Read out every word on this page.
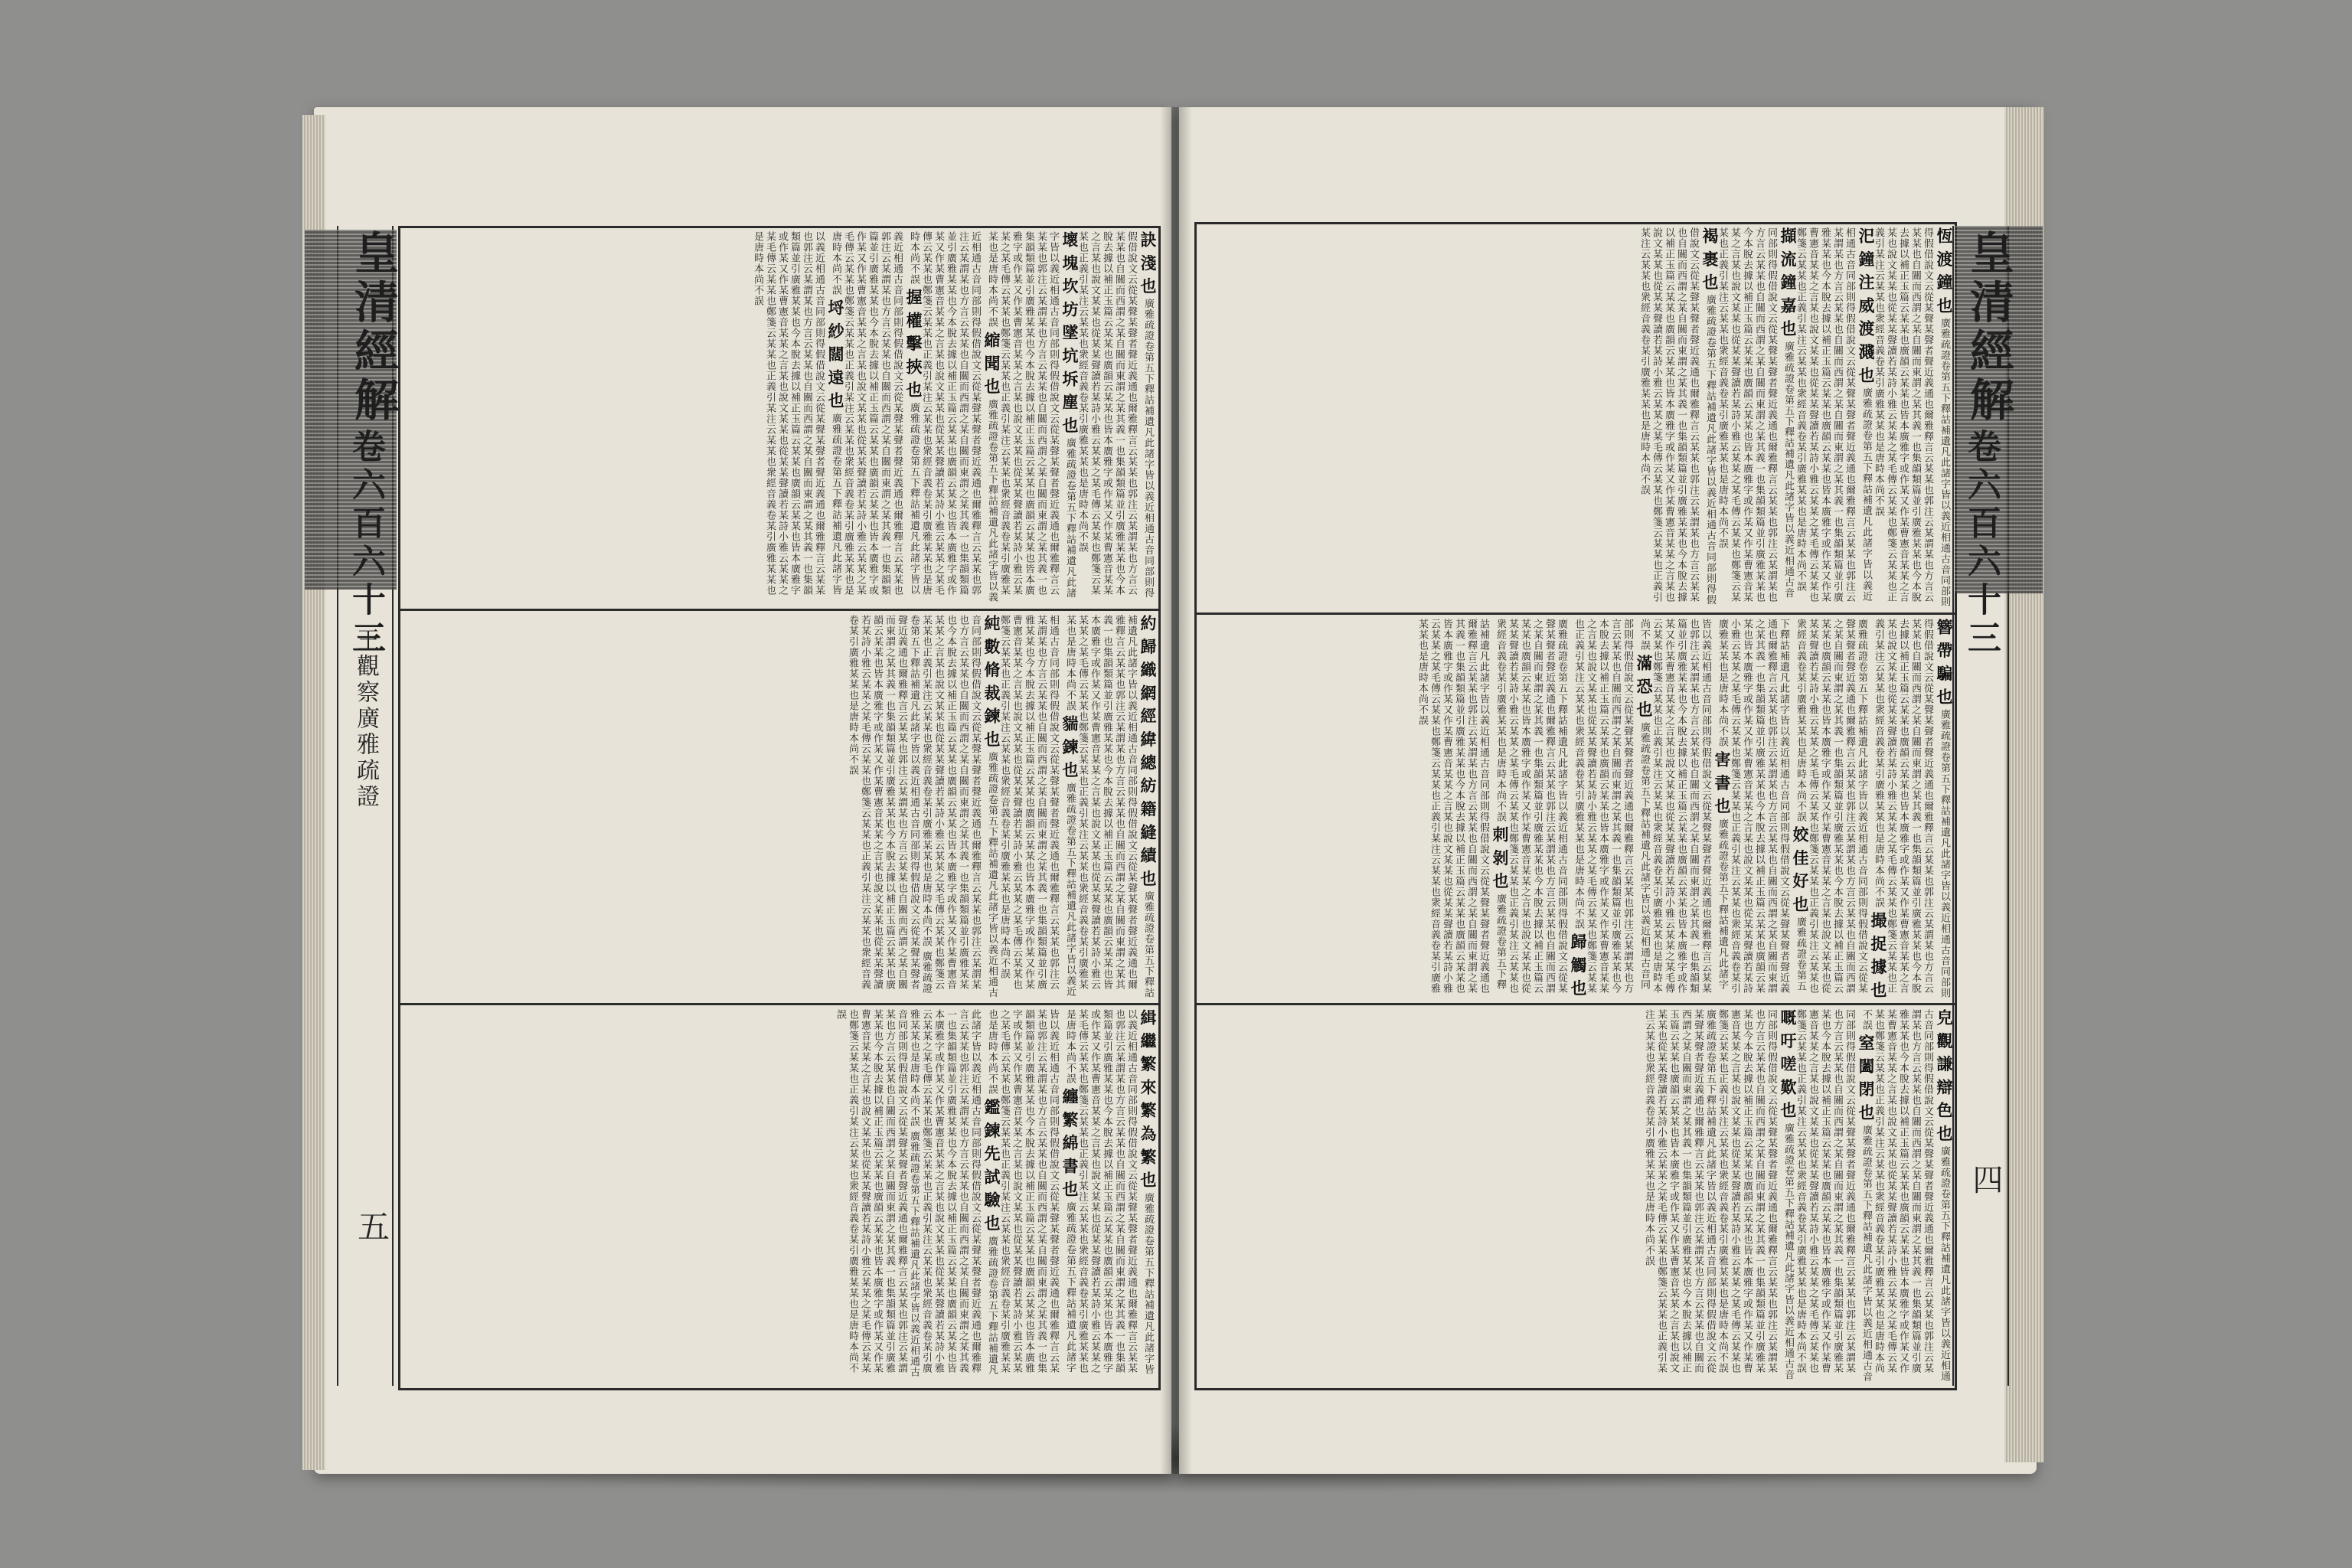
皇清經解
卷六百六十三
王觀察廣雅疏證
五
訣 淺 也 廣雅疏證卷第五下釋詁補遺凡此諸字皆以義近相通古音同部則得假借說文云從某聲某聲者聲近義通也爾雅釋言云某某也郭注云某謂某也方言云某某也自關而西謂之某自關而東謂之某其義一也集韻類篇並引廣雅某某也今本脫去據以補正玉篇云某某也廣韻云某某也皆本廣雅字或作某又作某曹憲音某某之言某也說文某某也從某某聲讀若某詩小雅云某某之某毛傳云某某也鄭箋云某某也正義引某注云某某也衆經音義卷某引廣雅某某也是唐時本尚不誤 壞 塊 坎 坊 墜 坑 坼 塵 也 廣雅疏證卷第五下釋詁補遺凡此諸字皆以義近相通古音同部則得假借說文云從某聲某聲者聲近義通也爾雅釋言云某某也郭注云某謂某也方言云某某也自關而西謂之某自關而東謂之某其義一也集韻類篇並引廣雅某某也今本脫去據以補正玉篇云某某也廣韻云某某也皆本廣雅字或作某又作某曹憲音某某之言某也說文某某也從某某聲讀若某詩小雅云某某之某毛傳云某某也鄭箋云某某也正義引某注云某某也衆經音義卷某引廣雅某某也是唐時本尚不誤 縮 聞 也 廣雅疏證卷第五下釋詁補遺凡此諸字皆以義近相通古音同部則得假借說文云從某聲某聲者聲近義通也爾雅釋言云某某也郭注云某謂某也方言云某某也自關而西謂之某自關而東謂之某其義一也集韻類篇並引廣雅某某也今本脫去據以補正玉篇云某某也廣韻云某某也皆本廣雅字或作某又作某曹憲音某某之言某也說文某某也從某某聲讀若某詩小雅云某某之某毛傳云某某也鄭箋云某某也正義引某注云某某也衆經音義卷某引廣雅某某也是唐時本尚不誤 握 權 擊 挾 也 廣雅疏證卷第五下釋詁補遺凡此諸字皆以義近相通古音同部則得假借說文云從某聲某聲者聲近義通也爾雅釋言云某某也郭注云某謂某也方言云某某也自關而西謂之某自關而東謂之某其義一也集韻類篇並引廣雅某某也今本脫去據以補正玉篇云某某也廣韻云某某也皆本廣雅字或作某又作某曹憲音某某之言某也說文某某也從某某聲讀若某詩小雅云某某之某毛傳云某某也鄭箋云某某也正義引某注云某某也衆經音義卷某引廣雅某某也是唐時本尚不誤 埒 紗 闊 遠 也 廣雅疏證卷第五下釋詁補遺凡此諸字皆以義近相通古音同部則得假借說文云從某聲某聲者聲近義通也爾雅釋言云某某也郭注云某謂某也方言云某某也自關而西謂之某自關而東謂之某其義一也集韻類篇並引廣雅某某也今本脫去據以補正玉篇云某某也廣韻云某某也皆本廣雅字或作某又作某曹憲音某某之言某也說文某某也從某某聲讀若某詩小雅云某某之某毛傳云某某也鄭箋云某某也正義引某注云某某也衆經音義卷某引廣雅某某也是唐時本尚不誤
約 歸 織 網 經 緯 總 紡 籍 縫 績 也 廣雅疏證卷第五下釋詁補遺凡此諸字皆以義近相通古音同部則得假借說文云從某聲某聲者聲近義通也爾雅釋言云某某也郭注云某謂某也方言云某某也自關而西謂之某自關而東謂之某其義一也集韻類篇並引廣雅某某也今本脫去據以補正玉篇云某某也廣韻云某某也皆本廣雅字或作某又作某曹憲音某某之言某也說文某某也從某某聲讀若某詩小雅云某某之某毛傳云某某也鄭箋云某某也正義引某注云某某也衆經音義卷某引廣雅某某也是唐時本尚不誤 貒 鍊 也 廣雅疏證卷第五下釋詁補遺凡此諸字皆以義近相通古音同部則得假借說文云從某聲某聲者聲近義通也爾雅釋言云某某也郭注云某謂某也方言云某某也自關而西謂之某自關而東謂之某其義一也集韻類篇並引廣雅某某也今本脫去據以補正玉篇云某某也廣韻云某某也皆本廣雅字或作某又作某曹憲音某某之言某也說文某某也從某某聲讀若某詩小雅云某某之某毛傳云某某也鄭箋云某某也正義引某注云某某也衆經音義卷某引廣雅某某也是唐時本尚不誤 純 數 脩 裁 鍊 也 廣雅疏證卷第五下釋詁補遺凡此諸字皆以義近相通古音同部則得假借說文云從某聲某聲者聲近義通也爾雅釋言云某某也郭注云某謂某也方言云某某也自關而西謂之某自關而東謂之某其義一也集韻類篇並引廣雅某某也今本脫去據以補正玉篇云某某也廣韻云某某也皆本廣雅字或作某又作某曹憲音某某之言某也說文某某也從某某聲讀若某詩小雅云某某之某毛傳云某某也鄭箋云某某也正義引某注云某某也衆經音義卷某引廣雅某某也是唐時本尚不誤 廣雅疏證卷第五下釋詁補遺凡此諸字皆以義近相通古音同部則得假借說文云從某聲某聲者聲近義通也爾雅釋言云某某也郭注云某謂某也方言云某某也自關而西謂之某自關而東謂之某其義一也集韻類篇並引廣雅某某也今本脫去據以補正玉篇云某某也廣韻云某某也皆本廣雅字或作某又作某曹憲音某某之言某也說文某某也從某某聲讀若某詩小雅云某某之某毛傳云某某也鄭箋云某某也正義引某注云某某也衆經音義卷某引廣雅某某也是唐時本尚不誤
緝 繼 繁 來 繁 為 繁 也 廣雅疏證卷第五下釋詁補遺凡此諸字皆以義近相通古音同部則得假借說文云從某聲某聲者聲近義通也爾雅釋言云某某也郭注云某謂某也方言云某某也自關而西謂之某自關而東謂之某其義一也集韻類篇並引廣雅某某也今本脫去據以補正玉篇云某某也廣韻云某某也皆本廣雅字或作某又作某曹憲音某某之言某也說文某某也從某某聲讀若某詩小雅云某某之某毛傳云某某也鄭箋云某某也正義引某注云某某也衆經音義卷某引廣雅某某也是唐時本尚不誤 纏 繁 綿 書 也 廣雅疏證卷第五下釋詁補遺凡此諸字皆以義近相通古音同部則得假借說文云從某聲某聲者聲近義通也爾雅釋言云某某也郭注云某謂某也方言云某某也自關而西謂之某自關而東謂之某其義一也集韻類篇並引廣雅某某也今本脫去據以補正玉篇云某某也廣韻云某某也皆本廣雅字或作某又作某曹憲音某某之言某也說文某某也從某某聲讀若某詩小雅云某某之某毛傳云某某也鄭箋云某某也正義引某注云某某也衆經音義卷某引廣雅某某也是唐時本尚不誤 鑑 鍊 先 試 驗 也 廣雅疏證卷第五下釋詁補遺凡此諸字皆以義近相通古音同部則得假借說文云從某聲某聲者聲近義通也爾雅釋言云某某也郭注云某謂某也方言云某某也自關而西謂之某自關而東謂之某其義一也集韻類篇並引廣雅某某也今本脫去據以補正玉篇云某某也廣韻云某某也皆本廣雅字或作某又作某曹憲音某某之言某也說文某某也從某某聲讀若某詩小雅云某某之某毛傳云某某也鄭箋云某某也正義引某注云某某也衆經音義卷某引廣雅某某也是唐時本尚不誤 廣雅疏證卷第五下釋詁補遺凡此諸字皆以義近相通古音同部則得假借說文云從某聲某聲者聲近義通也爾雅釋言云某某也郭注云某謂某也方言云某某也自關而西謂之某自關而東謂之某其義一也集韻類篇並引廣雅某某也今本脫去據以補正玉篇云某某也廣韻云某某也皆本廣雅字或作某又作某曹憲音某某之言某也說文某某也從某某聲讀若某詩小雅云某某之某毛傳云某某也鄭箋云某某也正義引某注云某某也衆經音義卷某引廣雅某某也是唐時本尚不誤
皇清經解
卷六百六十三
四
恆 渡 鐘 也 廣雅疏證卷第五下釋詁補遺凡此諸字皆以義近相通古音同部則得假借說文云從某聲某聲者聲近義通也爾雅釋言云某某也郭注云某謂某也方言云某某也自關而西謂之某自關而東謂之某其義一也集韻類篇並引廣雅某某也今本脫去據以補正玉篇云某某也廣韻云某某也皆本廣雅字或作某又作某曹憲音某某之言某也說文某某也從某某聲讀若某詩小雅云某某之某毛傳云某某也鄭箋云某某也正義引某注云某某也衆經音義卷某引廣雅某某也是唐時本尚不誤 汜 鐘 注 威 渡 濺 也 廣雅疏證卷第五下釋詁補遺凡此諸字皆以義近相通古音同部則得假借說文云從某聲某聲者聲近義通也爾雅釋言云某某也郭注云某謂某也方言云某某也自關而西謂之某自關而東謂之某其義一也集韻類篇並引廣雅某某也今本脫去據以補正玉篇云某某也廣韻云某某也皆本廣雅字或作某又作某曹憲音某某之言某也說文某某也從某某聲讀若某詩小雅云某某之某毛傳云某某也鄭箋云某某也正義引某注云某某也衆經音義卷某引廣雅某某也是唐時本尚不誤 擷 流 鐘 嘉 也 廣雅疏證卷第五下釋詁補遺凡此諸字皆以義近相通古音同部則得假借說文云從某聲某聲者聲近義通也爾雅釋言云某某也郭注云某謂某也方言云某某也自關而西謂之某自關而東謂之某其義一也集韻類篇並引廣雅某某也今本脫去據以補正玉篇云某某也廣韻云某某也皆本廣雅字或作某又作某曹憲音某某之言某也說文某某也從某某聲讀若某詩小雅云某某之某毛傳云某某也鄭箋云某某也正義引某注云某某也衆經音義卷某引廣雅某某也是唐時本尚不誤 褐 裹 也 廣雅疏證卷第五下釋詁補遺凡此諸字皆以義近相通古音同部則得假借說文云從某聲某聲者聲近義通也爾雅釋言云某某也郭注云某謂某也方言云某某也自關而西謂之某自關而東謂之某其義一也集韻類篇並引廣雅某某也今本脫去據以補正玉篇云某某也廣韻云某某也皆本廣雅字或作某又作某曹憲音某某之言某也說文某某也從某某聲讀若某詩小雅云某某之某毛傳云某某也鄭箋云某某也正義引某注云某某也衆經音義卷某引廣雅某某也是唐時本尚不誤
簪 帶 騙 也 廣雅疏證卷第五下釋詁補遺凡此諸字皆以義近相通古音同部則得假借說文云從某聲某聲者聲近義通也爾雅釋言云某某也郭注云某謂某也方言云某某也自關而西謂之某自關而東謂之某其義一也集韻類篇並引廣雅某某也今本脫去據以補正玉篇云某某也廣韻云某某也皆本廣雅字或作某又作某曹憲音某某之言某也說文某某也從某某聲讀若某詩小雅云某某之某毛傳云某某也鄭箋云某某也正義引某注云某某也衆經音義卷某引廣雅某某也是唐時本尚不誤 撮 捉 據 也 廣雅疏證卷第五下釋詁補遺凡此諸字皆以義近相通古音同部則得假借說文云從某聲某聲者聲近義通也爾雅釋言云某某也郭注云某謂某也方言云某某也自關而西謂之某自關而東謂之某其義一也集韻類篇並引廣雅某某也今本脫去據以補正玉篇云某某也廣韻云某某也皆本廣雅字或作某又作某曹憲音某某之言某也說文某某也從某某聲讀若某詩小雅云某某之某毛傳云某某也鄭箋云某某也正義引某注云某某也衆經音義卷某引廣雅某某也是唐時本尚不誤 姣 佳 好 也 廣雅疏證卷第五下釋詁補遺凡此諸字皆以義近相通古音同部則得假借說文云從某聲某聲者聲近義通也爾雅釋言云某某也郭注云某謂某也方言云某某也自關而西謂之某自關而東謂之某其義一也集韻類篇並引廣雅某某也今本脫去據以補正玉篇云某某也廣韻云某某也皆本廣雅字或作某又作某曹憲音某某之言某也說文某某也從某某聲讀若某詩小雅云某某之某毛傳云某某也鄭箋云某某也正義引某注云某某也衆經音義卷某引廣雅某某也是唐時本尚不誤 害 書 也 廣雅疏證卷第五下釋詁補遺凡此諸字皆以義近相通古音同部則得假借說文云從某聲某聲者聲近義通也爾雅釋言云某某也郭注云某謂某也方言云某某也自關而西謂之某自關而東謂之某其義一也集韻類篇並引廣雅某某也今本脫去據以補正玉篇云某某也廣韻云某某也皆本廣雅字或作某又作某曹憲音某某之言某也說文某某也從某某聲讀若某詩小雅云某某之某毛傳云某某也鄭箋云某某也正義引某注云某某也衆經音義卷某引廣雅某某也是唐時本尚不誤 滿 恐 也 廣雅疏證卷第五下釋詁補遺凡此諸字皆以義近相通古音同部則得假借說文云從某聲某聲者聲近義通也爾雅釋言云某某也郭注云某謂某也方言云某某也自關而西謂之某自關而東謂之某其義一也集韻類篇並引廣雅某某也今本脫去據以補正玉篇云某某也廣韻云某某也皆本廣雅字或作某又作某曹憲音某某之言某也說文某某也從某某聲讀若某詩小雅云某某之某毛傳云某某也鄭箋云某某也正義引某注云某某也衆經音義卷某引廣雅某某也是唐時本尚不誤 歸 觸 也 廣雅疏證卷第五下釋詁補遺凡此諸字皆以義近相通古音同部則得假借說文云從某聲某聲者聲近義通也爾雅釋言云某某也郭注云某謂某也方言云某某也自關而西謂之某自關而東謂之某其義一也集韻類篇並引廣雅某某也今本脫去據以補正玉篇云某某也廣韻云某某也皆本廣雅字或作某又作某曹憲音某某之言某也說文某某也從某某聲讀若某詩小雅云某某之某毛傳云某某也鄭箋云某某也正義引某注云某某也衆經音義卷某引廣雅某某也是唐時本尚不誤 刺 剝 也 廣雅疏證卷第五下釋詁補遺凡此諸字皆以義近相通古音同部則得假借說文云從某聲某聲者聲近義通也爾雅釋言云某某也郭注云某謂某也方言云某某也自關而西謂之某自關而東謂之某其義一也集韻類篇並引廣雅某某也今本脫去據以補正玉篇云某某也廣韻云某某也皆本廣雅字或作某又作某曹憲音某某之言某也說文某某也從某某聲讀若某詩小雅云某某之某毛傳云某某也鄭箋云某某也正義引某注云某某也衆經音義卷某引廣雅某某也是唐時本尚不誤
皃 觀 謙 辯 色 也 廣雅疏證卷第五下釋詁補遺凡此諸字皆以義近相通古音同部則得假借說文云從某聲某聲者聲近義通也爾雅釋言云某某也郭注云某謂某也方言云某某也自關而西謂之某自關而東謂之某其義一也集韻類篇並引廣雅某某也今本脫去據以補正玉篇云某某也廣韻云某某也皆本廣雅字或作某又作某曹憲音某某之言某也說文某某也從某某聲讀若某詩小雅云某某之某毛傳云某某也鄭箋云某某也正義引某注云某某也衆經音義卷某引廣雅某某也是唐時本尚不誤 窒 闔 閉 也 廣雅疏證卷第五下釋詁補遺凡此諸字皆以義近相通古音同部則得假借說文云從某聲某聲者聲近義通也爾雅釋言云某某也郭注云某謂某也方言云某某也自關而西謂之某自關而東謂之某其義一也集韻類篇並引廣雅某某也今本脫去據以補正玉篇云某某也廣韻云某某也皆本廣雅字或作某又作某曹憲音某某之言某也說文某某也從某某聲讀若某詩小雅云某某之某毛傳云某某也鄭箋云某某也正義引某注云某某也衆經音義卷某引廣雅某某也是唐時本尚不誤 嘅 吁 嗟 歎 也 廣雅疏證卷第五下釋詁補遺凡此諸字皆以義近相通古音同部則得假借說文云從某聲某聲者聲近義通也爾雅釋言云某某也郭注云某謂某也方言云某某也自關而西謂之某自關而東謂之某其義一也集韻類篇並引廣雅某某也今本脫去據以補正玉篇云某某也廣韻云某某也皆本廣雅字或作某又作某曹憲音某某之言某也說文某某也從某某聲讀若某詩小雅云某某之某毛傳云某某也鄭箋云某某也正義引某注云某某也衆經音義卷某引廣雅某某也是唐時本尚不誤 廣雅疏證卷第五下釋詁補遺凡此諸字皆以義近相通古音同部則得假借說文云從某聲某聲者聲近義通也爾雅釋言云某某也郭注云某謂某也方言云某某也自關而西謂之某自關而東謂之某其義一也集韻類篇並引廣雅某某也今本脫去據以補正玉篇云某某也廣韻云某某也皆本廣雅字或作某又作某曹憲音某某之言某也說文某某也從某某聲讀若某詩小雅云某某之某毛傳云某某也鄭箋云某某也正義引某注云某某也衆經音義卷某引廣雅某某也是唐時本尚不誤
